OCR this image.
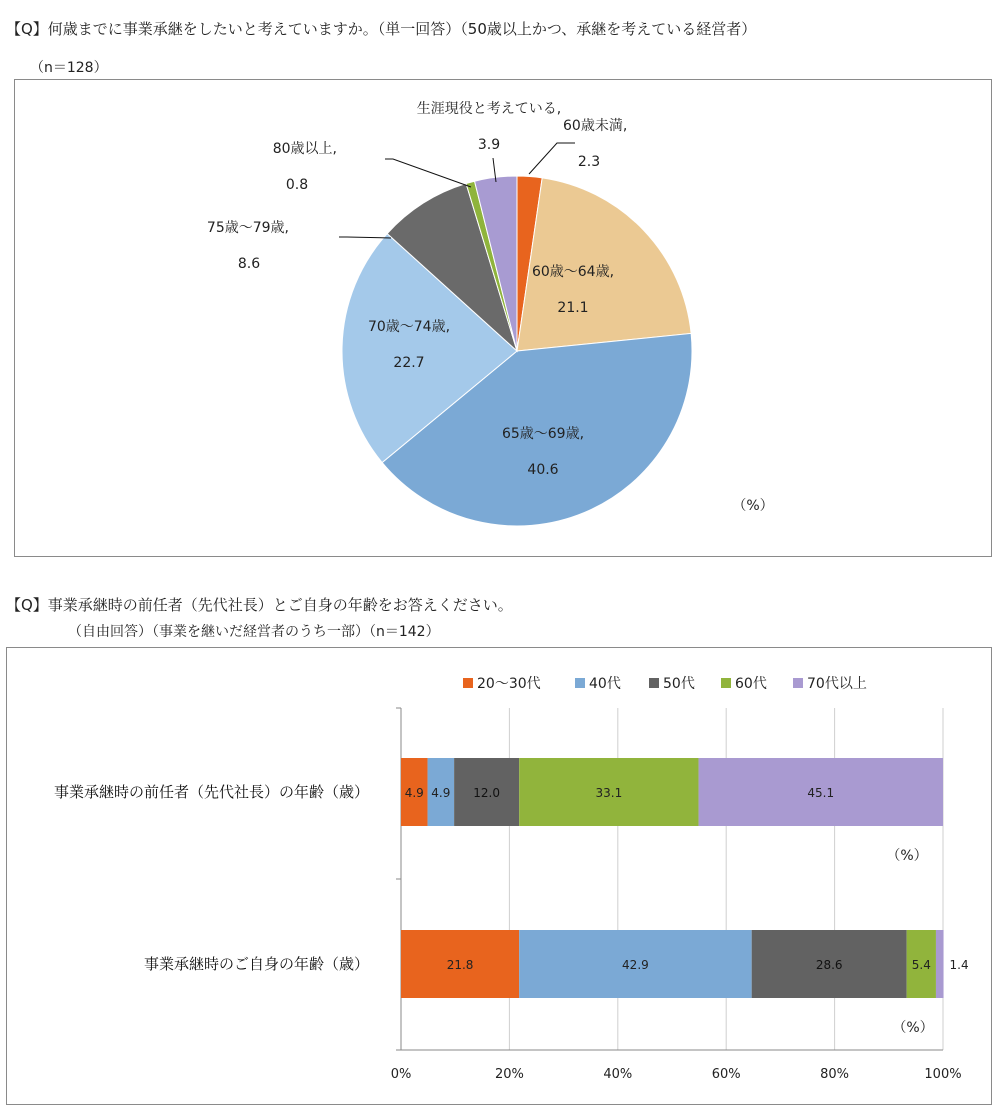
【Q】何歳までに事業承継をしたいと考えていますか。（単一回答）（50歳以上かつ、承継を考えている経営者）
（n＝128）
60歳未満,
2.3
60歳～64歳,
21.1
65歳～69歳,
40.6
70歳～74歳,
22.7
75歳～79歳,
8.6
80歳以上,
0.8
生涯現役と考えている,
3.9
（%）
【Q】事業承継時の前任者（先代社長）とご自身の年齢をお答えください。
（自由回答）（事業を継いだ経営者のうち一部）（n＝142）
20～30代	40代	50代	60代	70代以上
0%	20%	40%	60%	80%	100%
事業承継時の前任者（先代社長）の年齢（歳）	4.9 4.9 12.0	33.1	45.1
（%）
事業承継時のご自身の年齢（歳）	21.8	42.9	28.6	5.4 1.4
（%）
